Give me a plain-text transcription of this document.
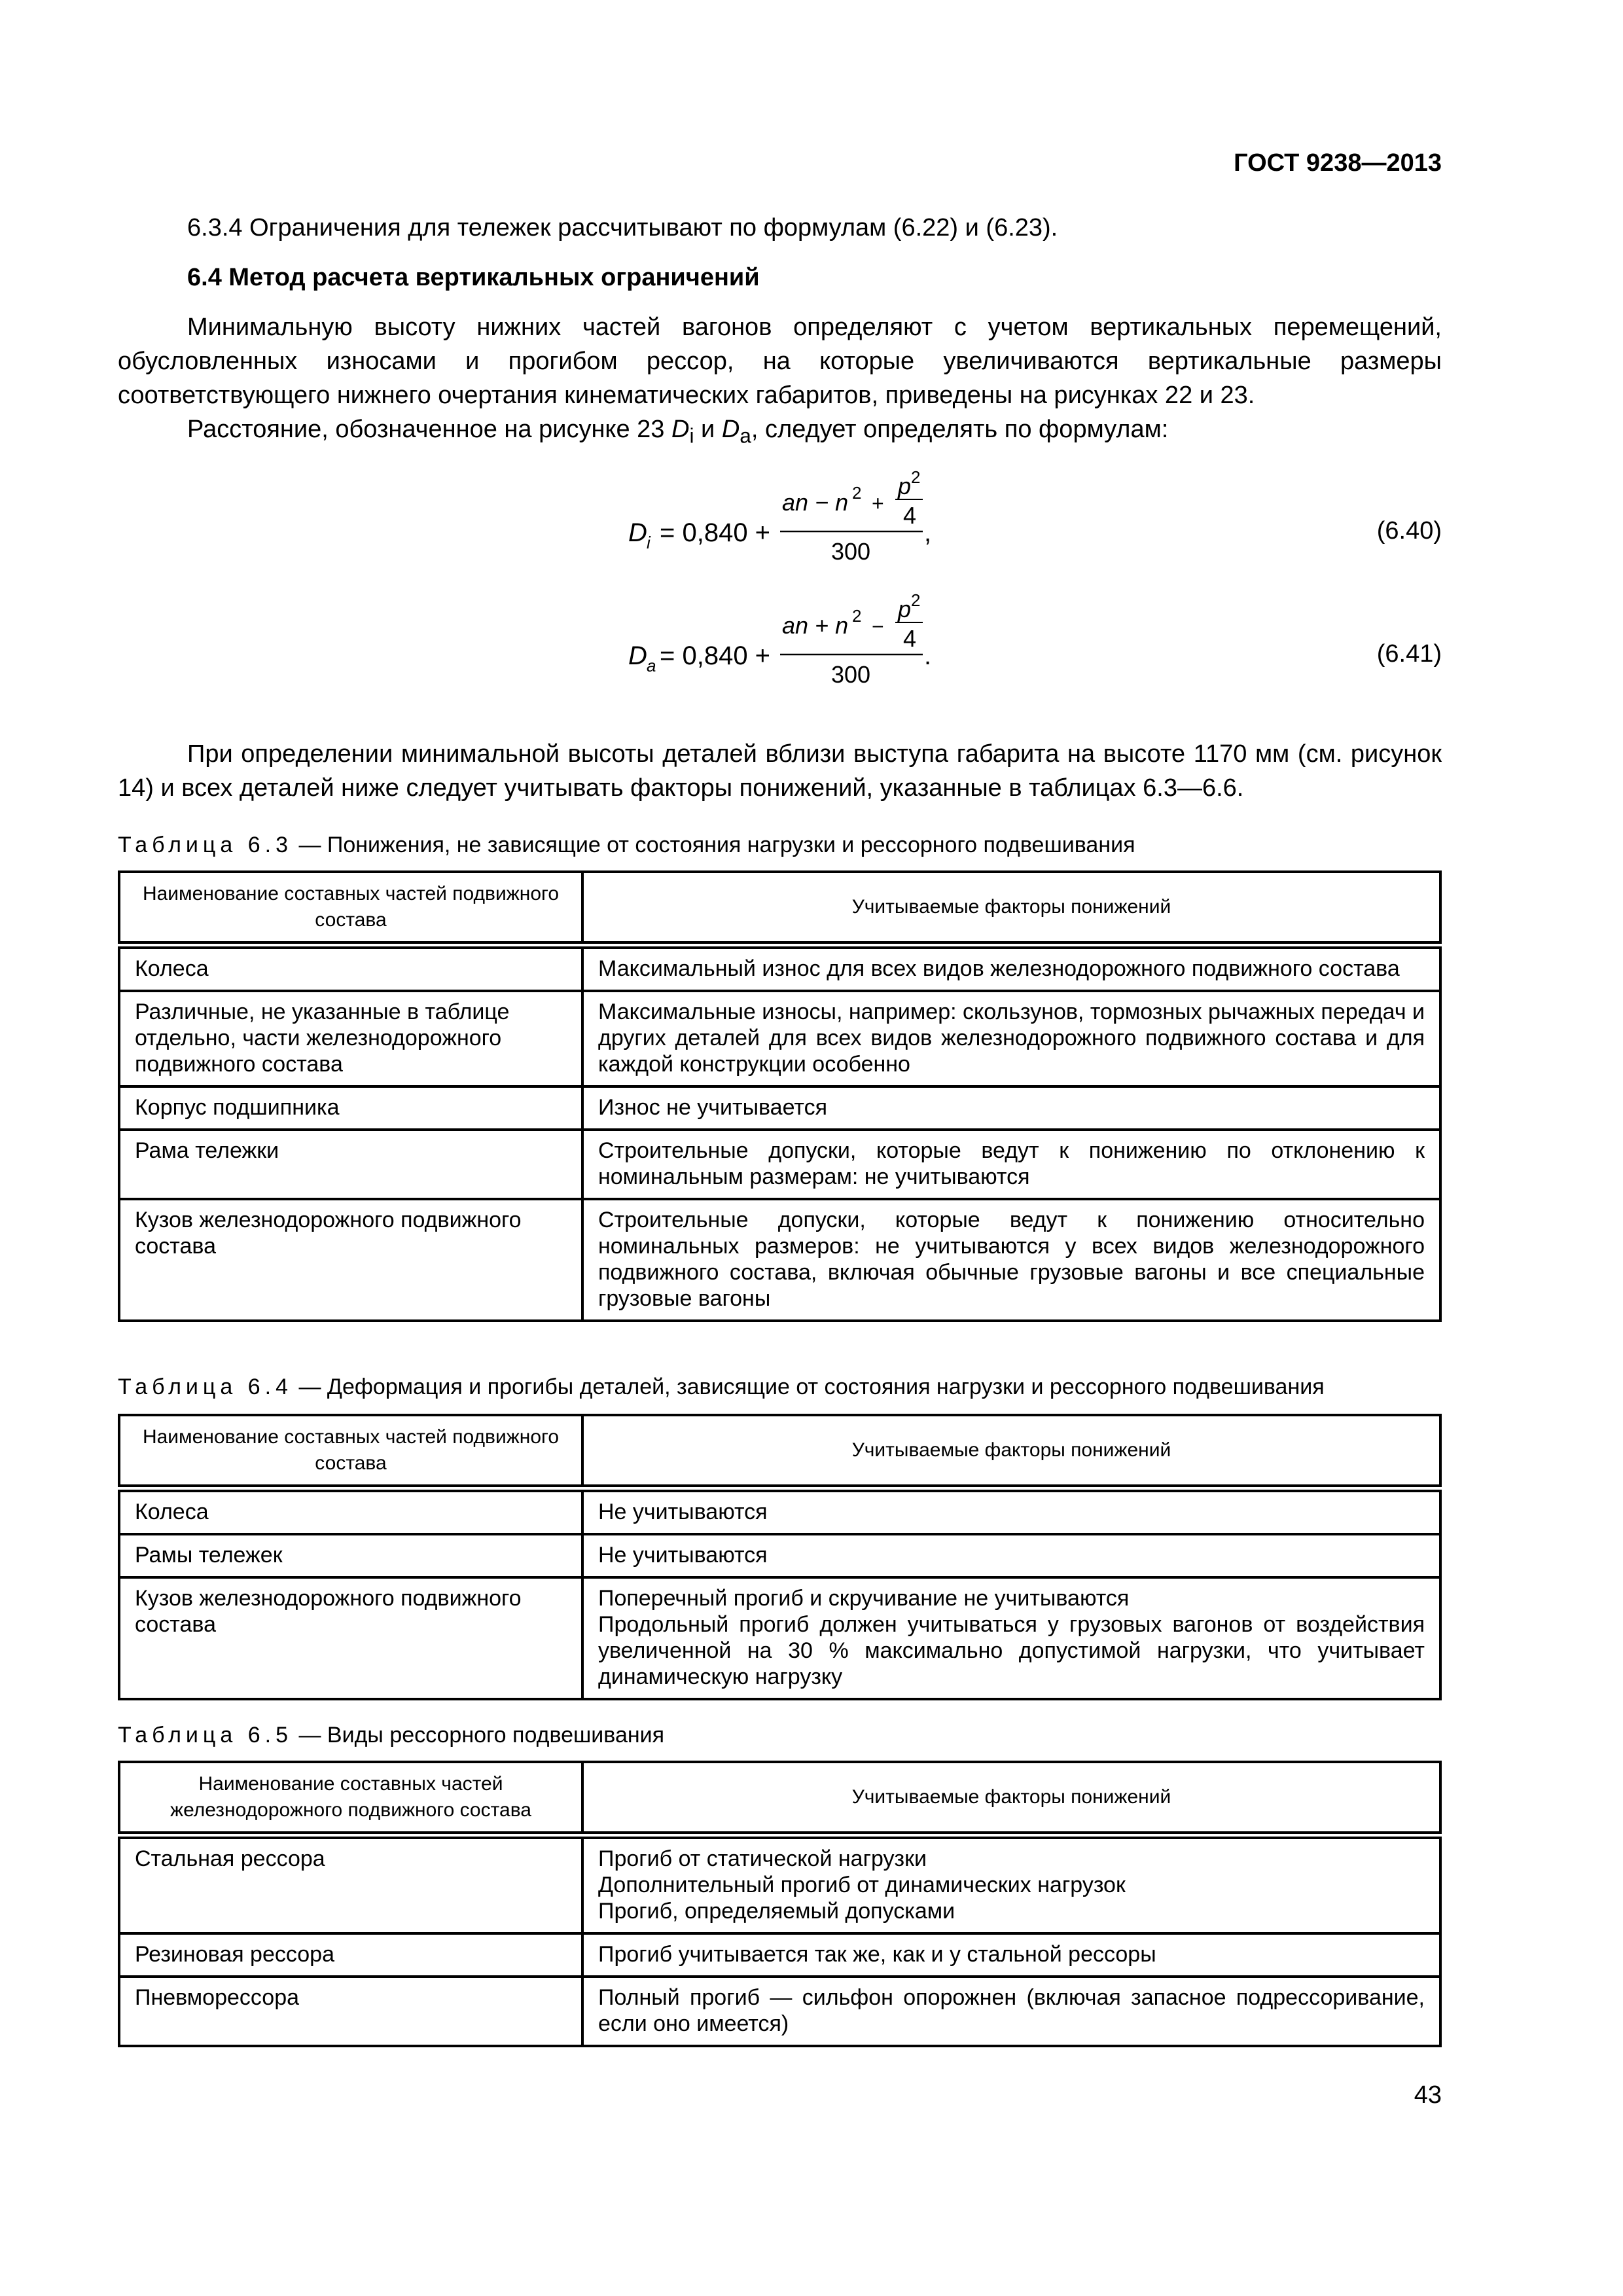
ГОСТ 9238—2013
6.3.4 Ограничения для тележек рассчитывают по формулам (6.22) и (6.23).
6.4 Метод расчета вертикальных ограничений
Минимальную высоту нижних частей вагонов определяют с учетом вертикальных перемещений, обусловленных износами и прогибом рессор, на которые увеличиваются вертикальные размеры соответствующего нижнего очертания кинематических габаритов, приведены на рисунках 22 и 23.
Расстояние, обозначенное на рисунке 23 $D_i$ и $D_a$, следует определять по формулам:
D i = 0,840 +
an − n 2 +
p 2
4
300
,	(6.40)
D a = 0,840 +
an + n 2 −
p 2
4
300
.	(6.41)
При определении минимальной высоты деталей вблизи выступа габарита на высоте 1170 мм (см. рисунок 14) и всех деталей ниже следует учитывать факторы понижений, указанные в таблицах 6.3—6.6.
Таблица 6.3 — Понижения, не зависящие от состояния нагрузки и рессорного подвешивания
Наименование составных частей подвижного состава	Учитываемые факторы понижений
Колеса	Максимальный износ для всех видов железнодорожного подвижного состава
Различные, не указанные в таблице отдельно, части железнодорожного подвижного состава	Максимальные износы, например: скользунов, тормозных рычажных передач и других деталей для всех видов железнодорожного подвижного состава и для каждой конструкции особенно
Корпус подшипника	Износ не учитывается
Рама тележки	Строительные допуски, которые ведут к понижению по отклонению к номинальным размерам: не учитываются
Кузов железнодорожного подвижного состава	Строительные допуски, которые ведут к понижению относительно номинальных размеров: не учитываются у всех видов железнодорожного подвижного состава, включая обычные грузовые вагоны и все специальные грузовые вагоны
Таблица 6.4 — Деформация и прогибы деталей, зависящие от состояния нагрузки и рессорного подвешивания
Наименование составных частей подвижного состава	Учитываемые факторы понижений
Колеса	Не учитываются
Рамы тележек	Не учитываются
Кузов железнодорожного подвижного состава	Поперечный прогиб и скручивание не учитываются
Продольный прогиб должен учитываться у грузовых вагонов от воздействия увеличенной на 30 % максимально допустимой нагрузки, что учитывает динамическую нагрузку
Таблица 6.5 — Виды рессорного подвешивания
Наименование составных частей железнодорожного подвижного состава	Учитываемые факторы понижений
Стальная рессора	Прогиб от статической нагрузки
Дополнительный прогиб от динамических нагрузок
Прогиб, определяемый допусками
Резиновая рессора	Прогиб учитывается так же, как и у стальной рессоры
Пневморессора	Полный прогиб — сильфон опорожнен (включая запасное подрессоривание, если оно имеется)
43
